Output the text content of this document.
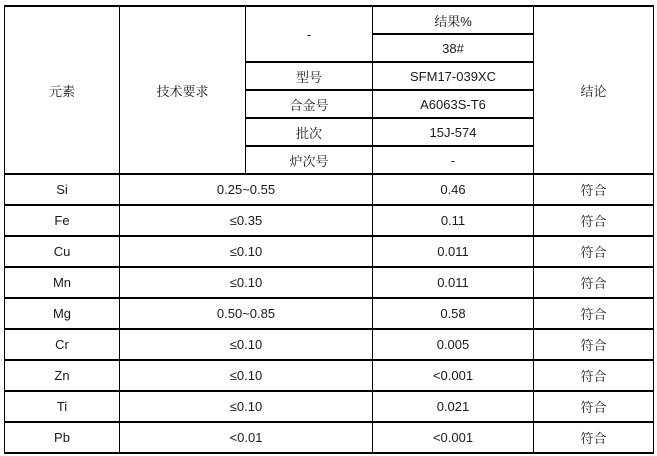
元素	技术要求	-	结果%	结论
			38#	
		型号	SFM17-039XC	
		合金号	A6063S-T6	
		批次	15J-574	
		炉次号	-	
Si	0.25~0.55		0.46	符合
Fe	≤0.35		0.11	符合
Cu	≤0.10		0.011	符合
Mn	≤0.10		0.011	符合
Mg	0.50~0.85		0.58	符合
Cr	≤0.10		0.005	符合
Zn	≤0.10		<0.001	符合
Ti	≤0.10		0.021	符合
Pb	<0.01		<0.001	符合
